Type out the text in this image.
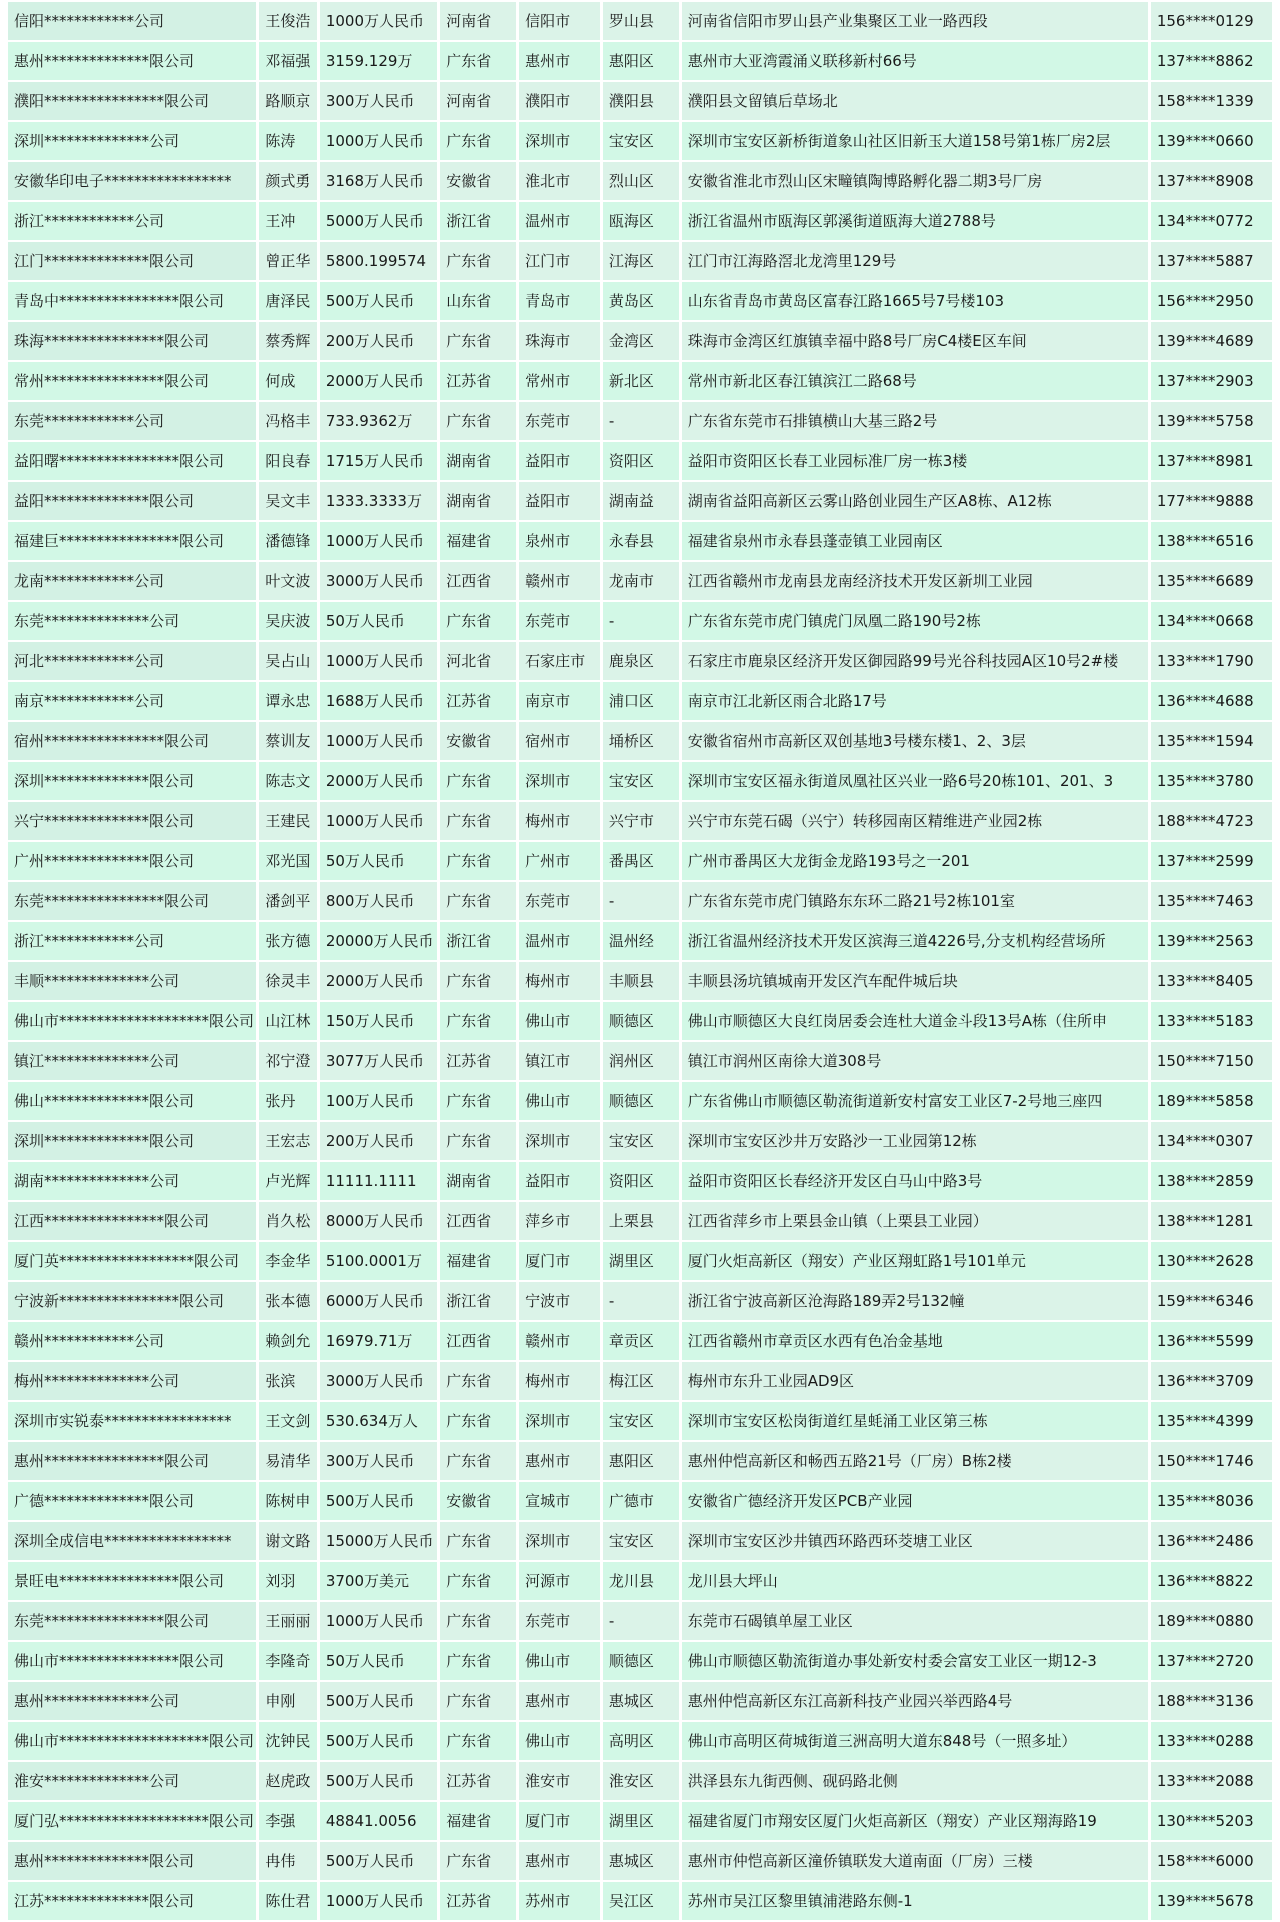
信阳************公司	王俊浩	1000万人民币	河南省	信阳市	罗山县	河南省信阳市罗山县产业集聚区工业一路西段	156****0129
惠州**************限公司	邓福强	3159.129万	广东省	惠州市	惠阳区	惠州市大亚湾霞涌义联移新村66号	137****8862
濮阳****************限公司	路顺京	300万人民币	河南省	濮阳市	濮阳县	濮阳县文留镇后草场北	158****1339
深圳**************公司	陈涛	1000万人民币	广东省	深圳市	宝安区	深圳市宝安区新桥街道象山社区旧新玉大道158号第1栋厂房2层	139****0660
安徽华印电子*****************	颜式勇	3168万人民币	安徽省	淮北市	烈山区	安徽省淮北市烈山区宋疃镇陶博路孵化器二期3号厂房	137****8908
浙江************公司	王冲	5000万人民币	浙江省	温州市	瓯海区	浙江省温州市瓯海区郭溪街道瓯海大道2788号	134****0772
江门**************限公司	曾正华	5800.199574	广东省	江门市	江海区	江门市江海路滘北龙湾里129号	137****5887
青岛中****************限公司	唐泽民	500万人民币	山东省	青岛市	黄岛区	山东省青岛市黄岛区富春江路1665号7号楼103	156****2950
珠海****************限公司	蔡秀辉	200万人民币	广东省	珠海市	金湾区	珠海市金湾区红旗镇幸福中路8号厂房C4楼E区车间	139****4689
常州****************限公司	何成	2000万人民币	江苏省	常州市	新北区	常州市新北区春江镇滨江二路68号	137****2903
东莞************公司	冯格丰	733.9362万	广东省	东莞市	-	广东省东莞市石排镇横山大基三路2号	139****5758
益阳曙****************限公司	阳良春	1715万人民币	湖南省	益阳市	资阳区	益阳市资阳区长春工业园标准厂房一栋3楼	137****8981
益阳**************限公司	吴文丰	1333.3333万	湖南省	益阳市	湖南益	湖南省益阳高新区云雾山路创业园生产区A8栋、A12栋	177****9888
福建巨****************限公司	潘德锋	1000万人民币	福建省	泉州市	永春县	福建省泉州市永春县蓬壶镇工业园南区	138****6516
龙南************公司	叶文波	3000万人民币	江西省	赣州市	龙南市	江西省赣州市龙南县龙南经济技术开发区新圳工业园	135****6689
东莞**************公司	吴庆波	50万人民币	广东省	东莞市	-	广东省东莞市虎门镇虎门凤凰二路190号2栋	134****0668
河北************公司	吴占山	1000万人民币	河北省	石家庄市	鹿泉区	石家庄市鹿泉区经济开发区御园路99号光谷科技园A区10号2#楼	133****1790
南京************公司	谭永忠	1688万人民币	江苏省	南京市	浦口区	南京市江北新区雨合北路17号	136****4688
宿州****************限公司	蔡训友	1000万人民币	安徽省	宿州市	埇桥区	安徽省宿州市高新区双创基地3号楼东楼1、2、3层	135****1594
深圳**************限公司	陈志文	2000万人民币	广东省	深圳市	宝安区	深圳市宝安区福永街道凤凰社区兴业一路6号20栋101、201、3	135****3780
兴宁**************限公司	王建民	1000万人民币	广东省	梅州市	兴宁市	兴宁市东莞石碣（兴宁）转移园南区精维进产业园2栋	188****4723
广州**************限公司	邓光国	50万人民币	广东省	广州市	番禺区	广州市番禺区大龙街金龙路193号之一201	137****2599
东莞****************限公司	潘剑平	800万人民币	广东省	东莞市	-	广东省东莞市虎门镇路东东环二路21号2栋101室	135****7463
浙江************公司	张方德	20000万人民币	浙江省	温州市	温州经	浙江省温州经济技术开发区滨海三道4226号,分支机构经营场所	139****2563
丰顺**************公司	徐灵丰	2000万人民币	广东省	梅州市	丰顺县	丰顺县汤坑镇城南开发区汽车配件城后块	133****8405
佛山市********************限公司	山江林	150万人民币	广东省	佛山市	顺德区	佛山市顺德区大良红岗居委会连杜大道金斗段13号A栋（住所申	133****5183
镇江**************公司	祁宁澄	3077万人民币	江苏省	镇江市	润州区	镇江市润州区南徐大道308号	150****7150
佛山**************限公司	张丹	100万人民币	广东省	佛山市	顺德区	广东省佛山市顺德区勒流街道新安村富安工业区7-2号地三座四	189****5858
深圳**************限公司	王宏志	200万人民币	广东省	深圳市	宝安区	深圳市宝安区沙井万安路沙一工业园第12栋	134****0307
湖南**************公司	卢光辉	11111.1111	湖南省	益阳市	资阳区	益阳市资阳区长春经济开发区白马山中路3号	138****2859
江西****************限公司	肖久松	8000万人民币	江西省	萍乡市	上栗县	江西省萍乡市上栗县金山镇（上栗县工业园）	138****1281
厦门英******************限公司	李金华	5100.0001万	福建省	厦门市	湖里区	厦门火炬高新区（翔安）产业区翔虹路1号101单元	130****2628
宁波新****************限公司	张本德	6000万人民币	浙江省	宁波市	-	浙江省宁波高新区沧海路189弄2号132幢	159****6346
赣州************公司	赖剑允	16979.71万	江西省	赣州市	章贡区	江西省赣州市章贡区水西有色冶金基地	136****5599
梅州**************公司	张滨	3000万人民币	广东省	梅州市	梅江区	梅州市东升工业园AD9区	136****3709
深圳市实锐泰*****************	王文剑	530.634万人	广东省	深圳市	宝安区	深圳市宝安区松岗街道红星蚝涌工业区第三栋	135****4399
惠州****************限公司	易清华	300万人民币	广东省	惠州市	惠阳区	惠州仲恺高新区和畅西五路21号（厂房）B栋2楼	150****1746
广德**************限公司	陈树申	500万人民币	安徽省	宣城市	广德市	安徽省广德经济开发区PCB产业园	135****8036
深圳全成信电*****************	谢文路	15000万人民币	广东省	深圳市	宝安区	深圳市宝安区沙井镇西环路西环茭塘工业区	136****2486
景旺电****************限公司	刘羽	3700万美元	广东省	河源市	龙川县	龙川县大坪山	136****8822
东莞****************限公司	王丽丽	1000万人民币	广东省	东莞市	-	东莞市石碣镇单屋工业区	189****0880
佛山市****************限公司	李隆奇	50万人民币	广东省	佛山市	顺德区	佛山市顺德区勒流街道办事处新安村委会富安工业区一期12-3	137****2720
惠州**************公司	申刚	500万人民币	广东省	惠州市	惠城区	惠州仲恺高新区东江高新科技产业园兴举西路4号	188****3136
佛山市********************限公司	沈钟民	500万人民币	广东省	佛山市	高明区	佛山市高明区荷城街道三洲高明大道东848号（一照多址）	133****0288
淮安**************公司	赵虎政	500万人民币	江苏省	淮安市	淮安区	洪泽县东九街西侧、砚码路北侧	133****2088
厦门弘********************限公司	李强	48841.0056	福建省	厦门市	湖里区	福建省厦门市翔安区厦门火炬高新区（翔安）产业区翔海路19	130****5203
惠州**************限公司	冉伟	500万人民币	广东省	惠州市	惠城区	惠州市仲恺高新区潼侨镇联发大道南面（厂房）三楼	158****6000
江苏**************限公司	陈仕君	1000万人民币	江苏省	苏州市	吴江区	苏州市吴江区黎里镇浦港路东侧-1	139****5678
